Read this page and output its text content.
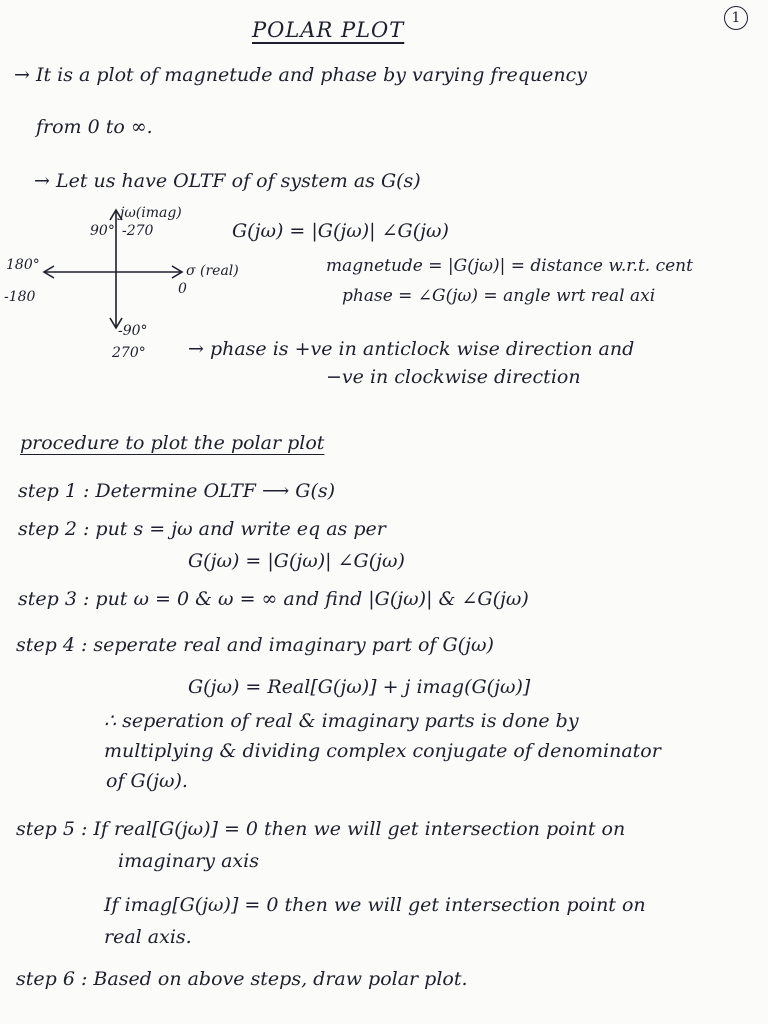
POLAR PLOT	1
→ It is a plot of magnetude and phase by varying frequency
from 0 to ∞.
→ Let us have OLTF of of system as G(s)
jω(imag)
90° -270
180°
-180
σ (real)
0
-90°
270°
G(jω) = |G(jω)| ∠G(jω)
magnetude = |G(jω)| = distance w.r.t. cent
phase = ∠G(jω) = angle wrt real axi
→ phase is +ve in anticlock wise direction and
−ve in clockwise direction
procedure to plot the polar plot
step 1 : Determine OLTF ⟶ G(s)
step 2 : put s = jω and write eq as per
G(jω) = |G(jω)| ∠G(jω)
step 3 : put ω = 0 & ω = ∞ and find |G(jω)| & ∠G(jω)
step 4 : seperate real and imaginary part of G(jω)
G(jω) = Real[G(jω)] + j imag(G(jω)]
∴ seperation of real & imaginary parts is done by
multiplying & dividing complex conjugate of denominator
of G(jω).
step 5 : If real[G(jω)] = 0 then we will get intersection point on
imaginary axis
If imag[G(jω)] = 0 then we will get intersection point on
real axis.
step 6 : Based on above steps, draw polar plot.
